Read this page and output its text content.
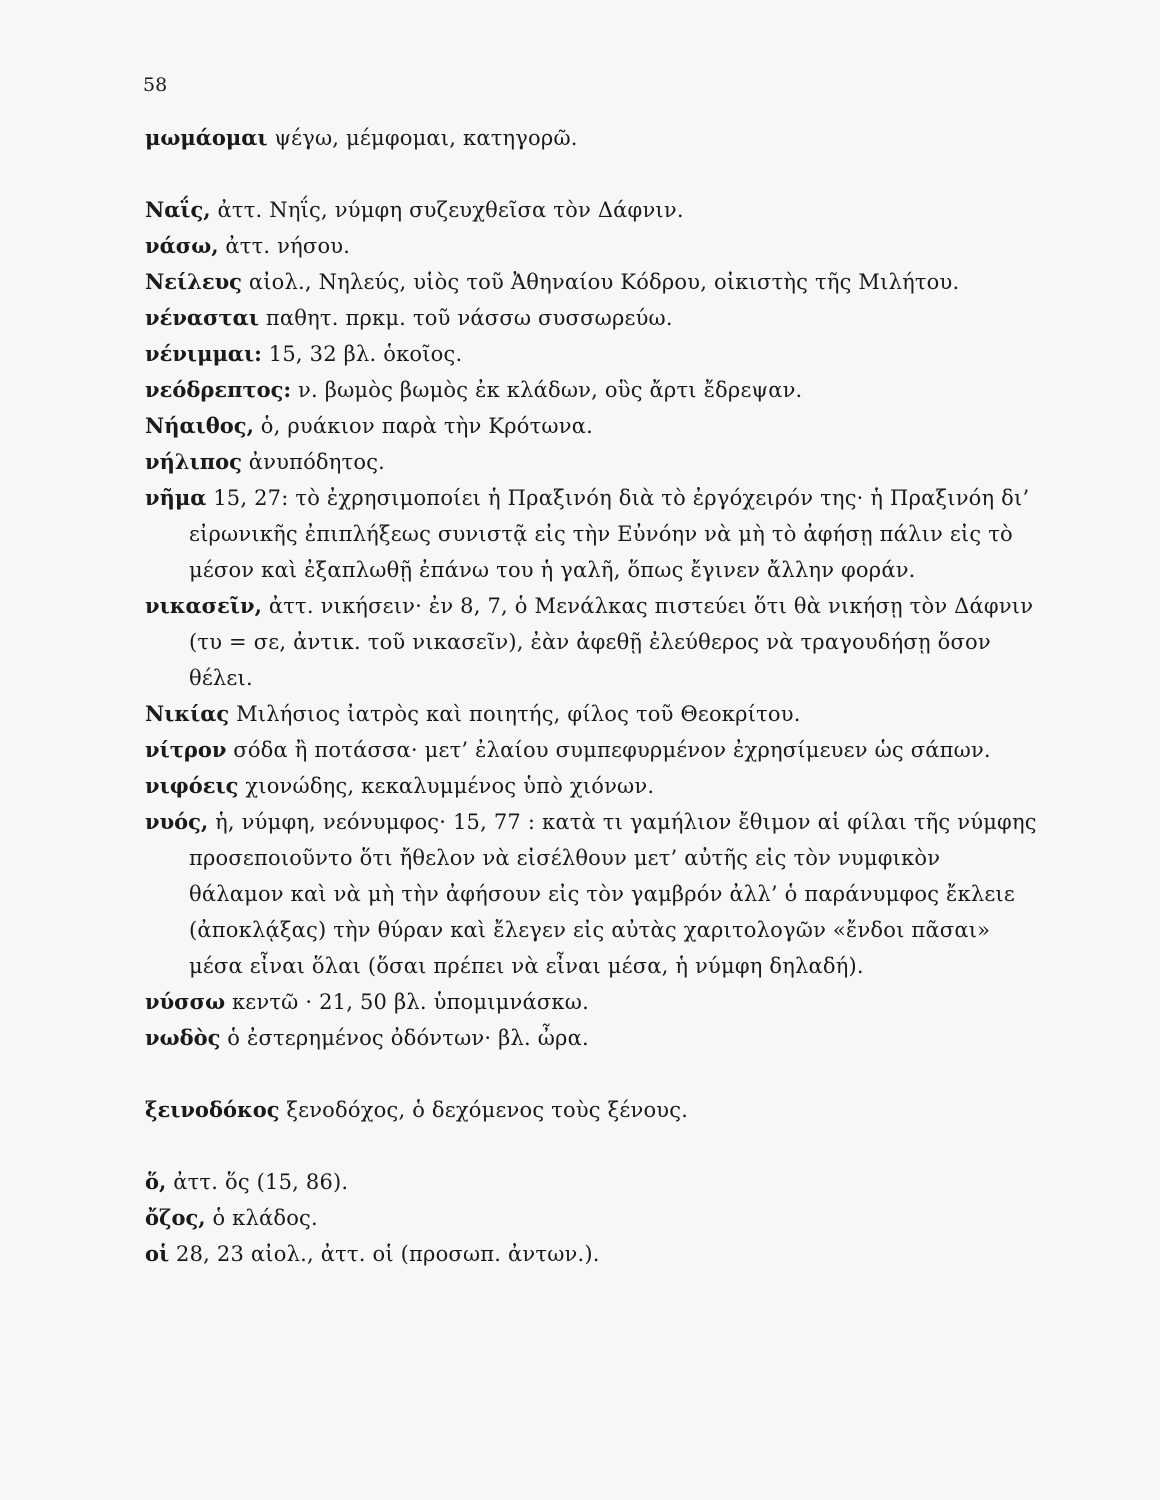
58

μωμάομαι ψέγω, μέμφομαι, κατηγορῶ.

Ναΐς, ἀττ. Νηΐς, νύμφη συζευχθεῖσα τὸν Δάφνιν.

νάσω, ἀττ. νήσου.

Νείλευς αἰολ., Νηλεύς, υἱὸς τοῦ Ἀθηναίου Κόδρου, οἰκιστὴς τῆς Μιλήτου.

νένασται παθητ. πρκμ. τοῦ νάσσω συσσωρεύω.

νένιμμαι: 15, 32 βλ. ὁκοῖος.

νεόδρεπτος: ν. βωμὸς βωμὸς ἐκ κλάδων, οὓς ἄρτι ἔδρεψαν.

Νήαιθος, ὁ, ρυάκιον παρὰ τὴν Κρότωνα.

νήλιπος ἀνυπόδητος.

νῆμα 15, 27: τὸ ἐχρησιμοποίει ἡ Πραξινόη διὰ τὸ ἐργόχειρόν της· ἡ Πραξινόη δι’ εἰρωνικῆς ἐπιπλήξεως συνιστᾷ εἰς τὴν Εὐνόην νὰ μὴ τὸ ἀφήσῃ πάλιν εἰς τὸ μέσον καὶ ἐξαπλωθῇ ἐπάνω του ἡ γαλῆ, ὅπως ἔγινεν ἄλλην φοράν.

νικασεῖν, ἀττ. νικήσειν· ἐν 8, 7, ὁ Μενάλκας πιστεύει ὅτι θὰ νικήσῃ τὸν Δάφνιν (τυ = σε, ἀντικ. τοῦ νικασεῖν), ἐὰν ἀφεθῇ ἐλεύθερος νὰ τραγουδήσῃ ὅσον θέλει.

Νικίας Μιλήσιος ἰατρὸς καὶ ποιητής, φίλος τοῦ Θεοκρίτου.

νίτρον σόδα ἢ ποτάσσα· μετ’ ἐλαίου συμπεφυρμένον ἐχρησίμευεν ὡς σάπων.

νιφόεις χιονώδης, κεκαλυμμένος ὑπὸ χιόνων.

νυός, ἡ, νύμφη, νεόνυμφος· 15, 77 : κατὰ τι γαμήλιον ἔθιμον αἱ φίλαι τῆς νύμφης προσεποιοῦντο ὅτι ἤθελον νὰ εἰσέλθουν μετ’ αὐτῆς εἰς τὸν νυμφικὸν θάλαμον καὶ νὰ μὴ τὴν ἀφήσουν εἰς τὸν γαμβρόν ἀλλ’ ὁ παράνυμφος ἔκλειε (ἀποκλᾴξας) τὴν θύραν καὶ ἔλεγεν εἰς αὐτὰς χαριτολογῶν «ἔνδοι πᾶσαι» μέσα εἶναι ὅλαι (ὅσαι πρέπει νὰ εἶναι μέσα, ἡ νύμφη δηλαδή).

νύσσω κεντῶ · 21, 50 βλ. ὑπομιμνάσκω.

νωδὸς ὁ ἐστερημένος ὀδόντων· βλ. ὦρα.

ξεινοδόκος ξενοδόχος, ὁ δεχόμενος τοὺς ξένους.

ὅ, ἀττ. ὅς (15, 86).

ὄζος, ὁ κλάδος.

οἱ 28, 23 αἰολ., ἀττ. οἱ (προσωπ. ἀντων.).
